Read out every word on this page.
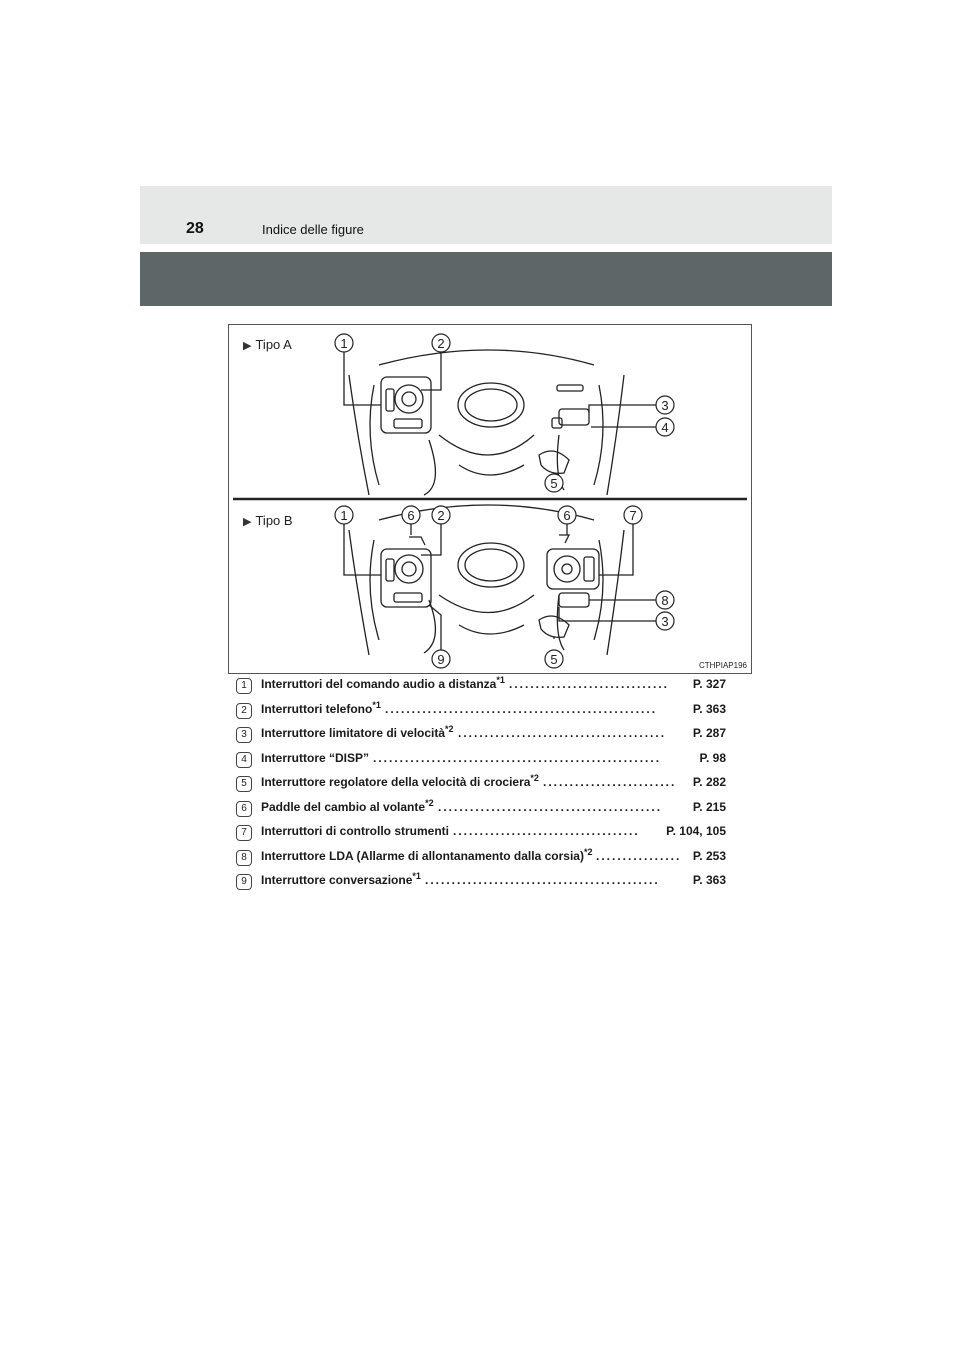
28	Indice delle figure
1	2
3
4
5
1	6 2	6	7
8
3
9	5
▶ Tipo A
▶ Tipo B
CTHPIAP196
1	Interruttori del comando audio a distanza$^{*1}$ ..............................	P. 327
2	Interruttori telefono$^{*1}$ ...................................................	P. 363
3	Interruttore limitatore di velocità$^{*2}$ .......................................	P. 287
4	Interruttore “DISP” ......................................................	P. 98
5	Interruttore regolatore della velocità di crociera$^{*2}$ .........................	P. 282
6	Paddle del cambio al volante$^{*2}$ ..........................................	P. 215
7	Interruttori di controllo strumenti ...................................	P. 104, 105
8	Interruttore LDA (Allarme di allontanamento dalla corsia)$^{*2}$ ................ P. 253
9	Interruttore conversazione$^{*1}$ ............................................	P. 363
